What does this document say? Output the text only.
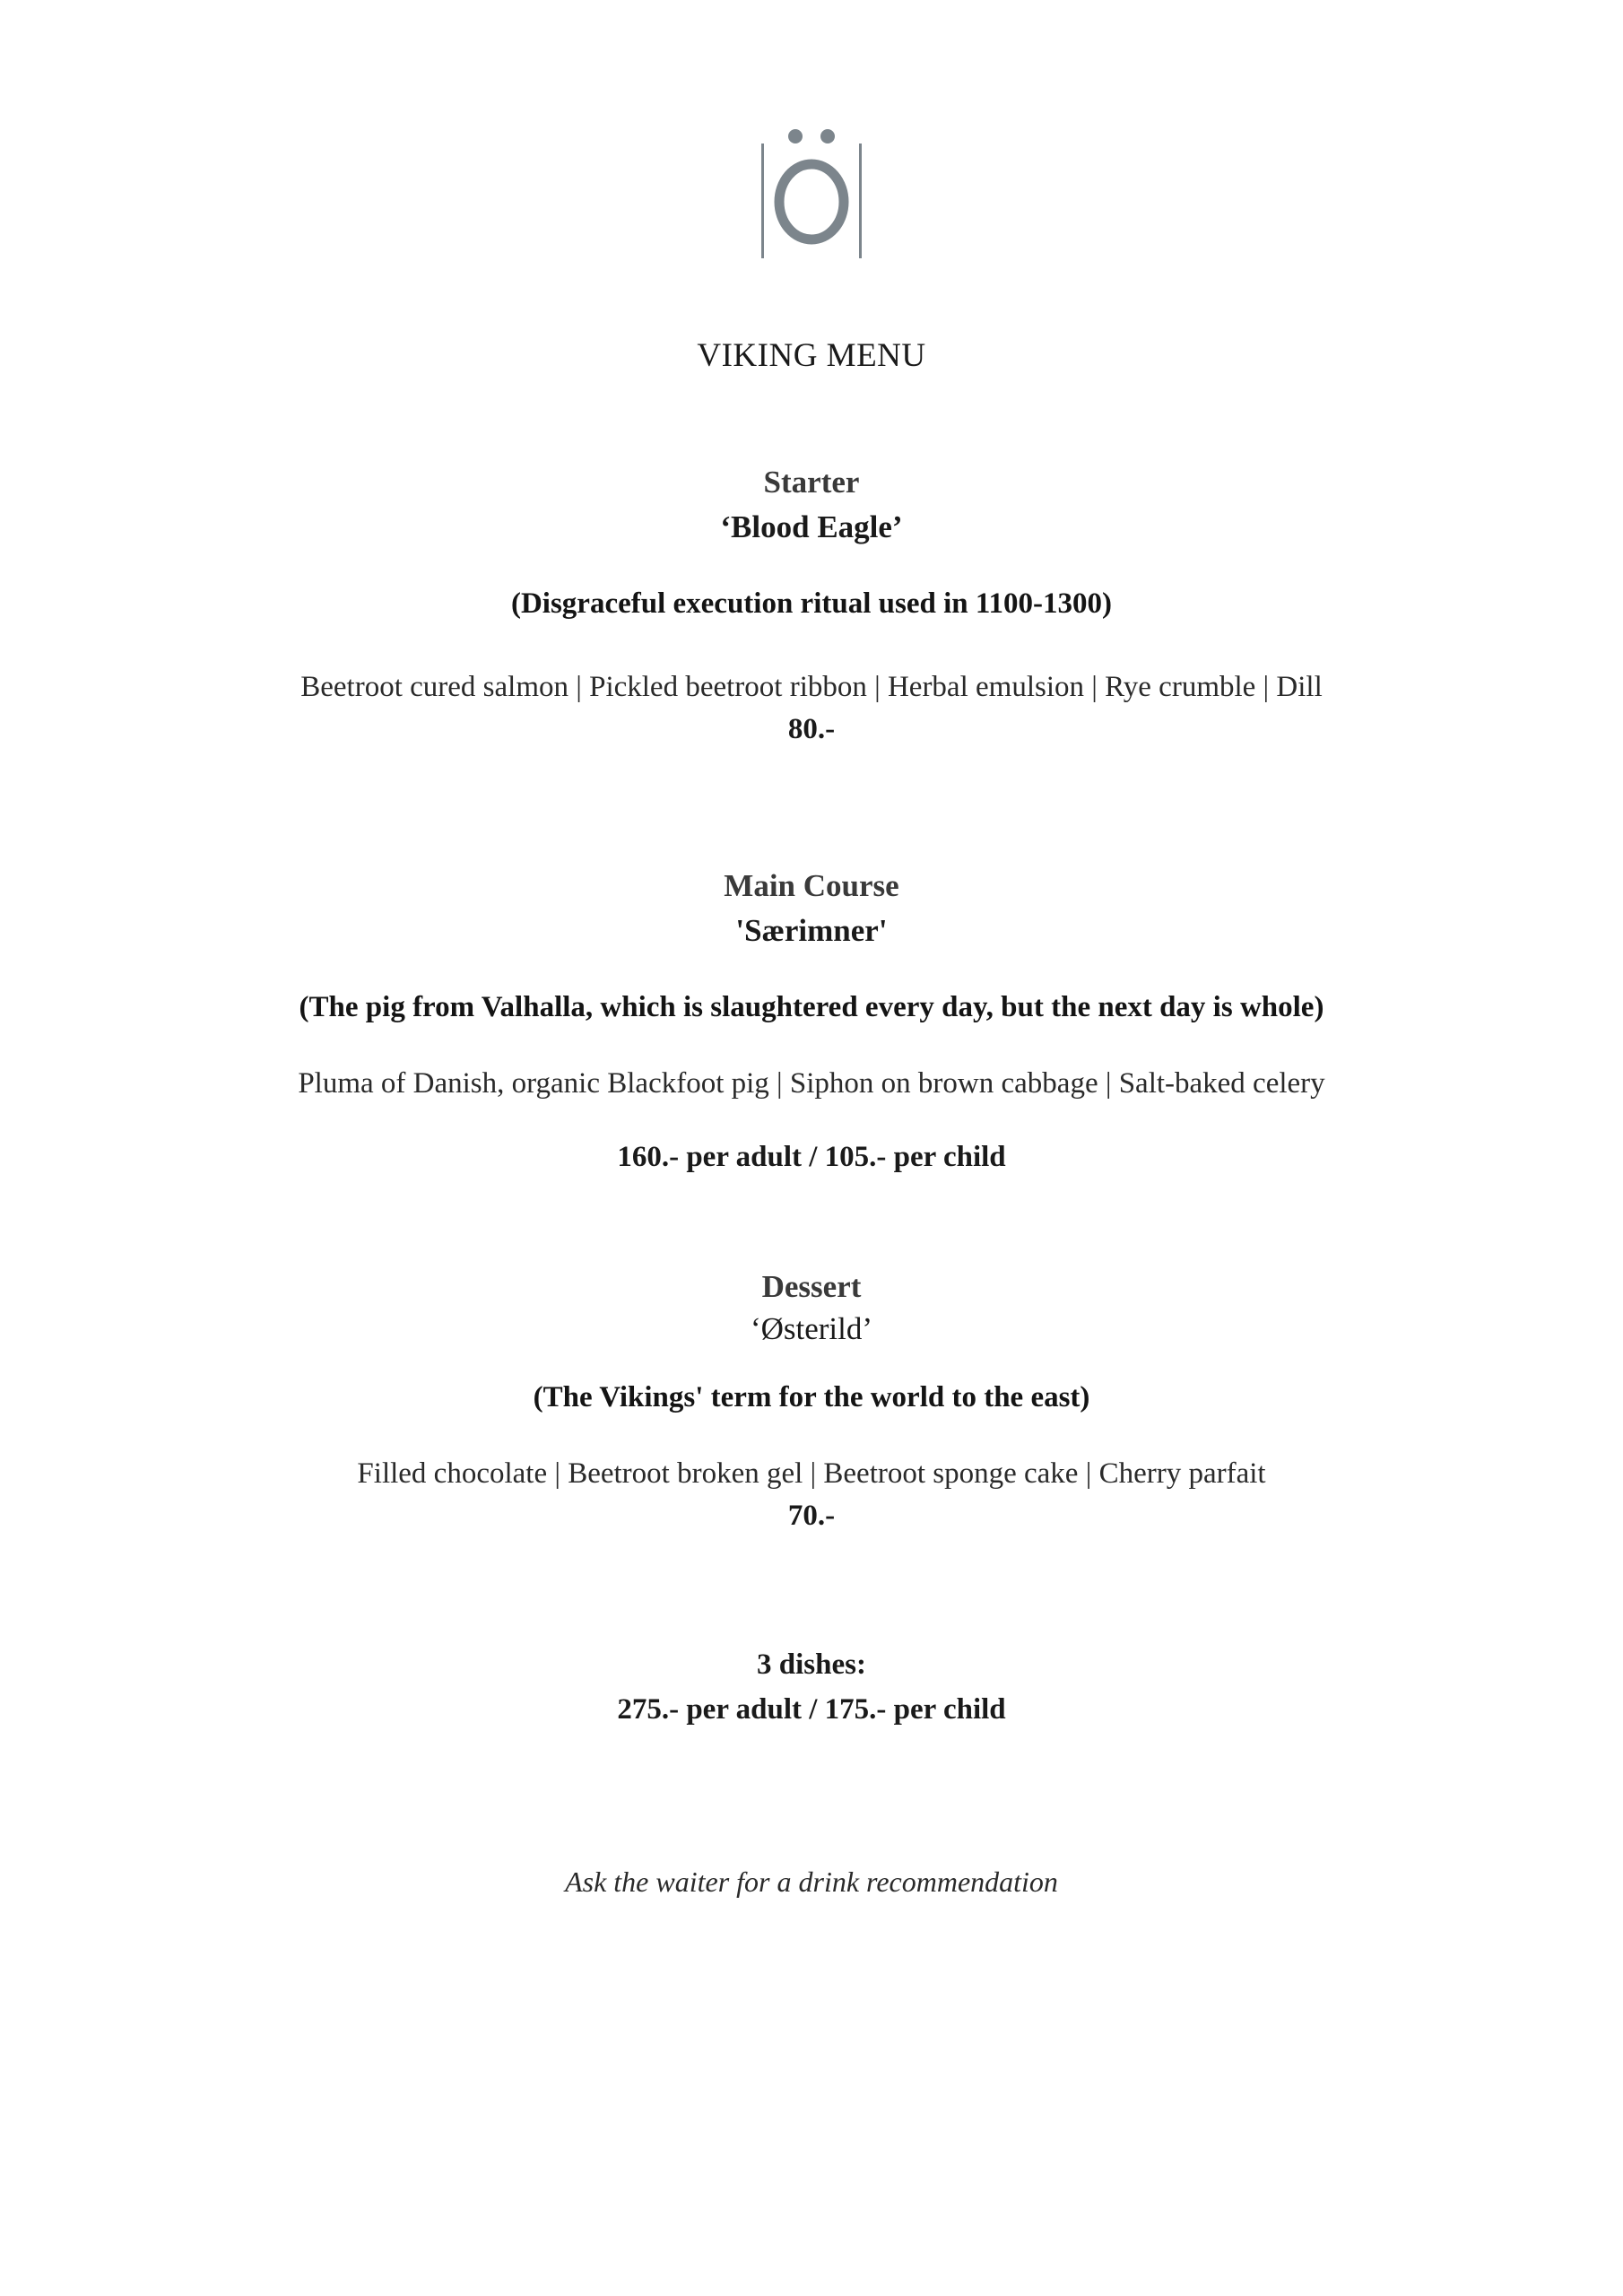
VIKING MENU
Starter
‘Blood Eagle’
(Disgraceful execution ritual used in 1100-1300)
Beetroot cured salmon | Pickled beetroot ribbon | Herbal emulsion | Rye crumble | Dill
80.-
Main Course
'Særimner'
(The pig from Valhalla, which is slaughtered every day, but the next day is whole)
Pluma of Danish, organic Blackfoot pig | Siphon on brown cabbage | Salt-baked celery
160.- per adult / 105.- per child
Dessert
‘Østerild’
(The Vikings' term for the world to the east)
Filled chocolate | Beetroot broken gel | Beetroot sponge cake | Cherry parfait
70.-
3 dishes:
275.- per adult / 175.- per child
Ask the waiter for a drink recommendation
